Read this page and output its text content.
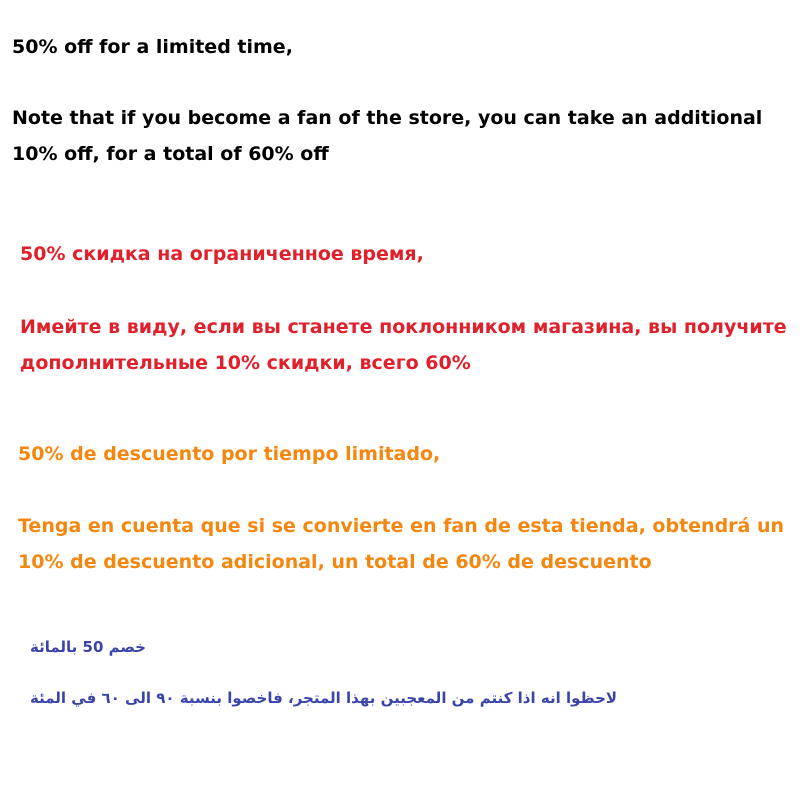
50% off for a limited time,
Note that if you become a fan of the store, you can take an additional
10% off, for a total of 60% off
50% скидка на ограниченное время,
Имейте в виду, если вы станете поклонником магазина, вы получите
дополнительные 10% скидки, всего 60%
50% de descuento por tiempo limitado,
Tenga en cuenta que si se convierte en fan de esta tienda, obtendrá un
10% de descuento adicional, un total de 60% de descuento
خصم 50 بالمائة
لاحظوا انه اذا كنتم من المعجبين بهذا المتجر، فاخصوا بنسبة ٩٠ الى ٦٠ في المئة
